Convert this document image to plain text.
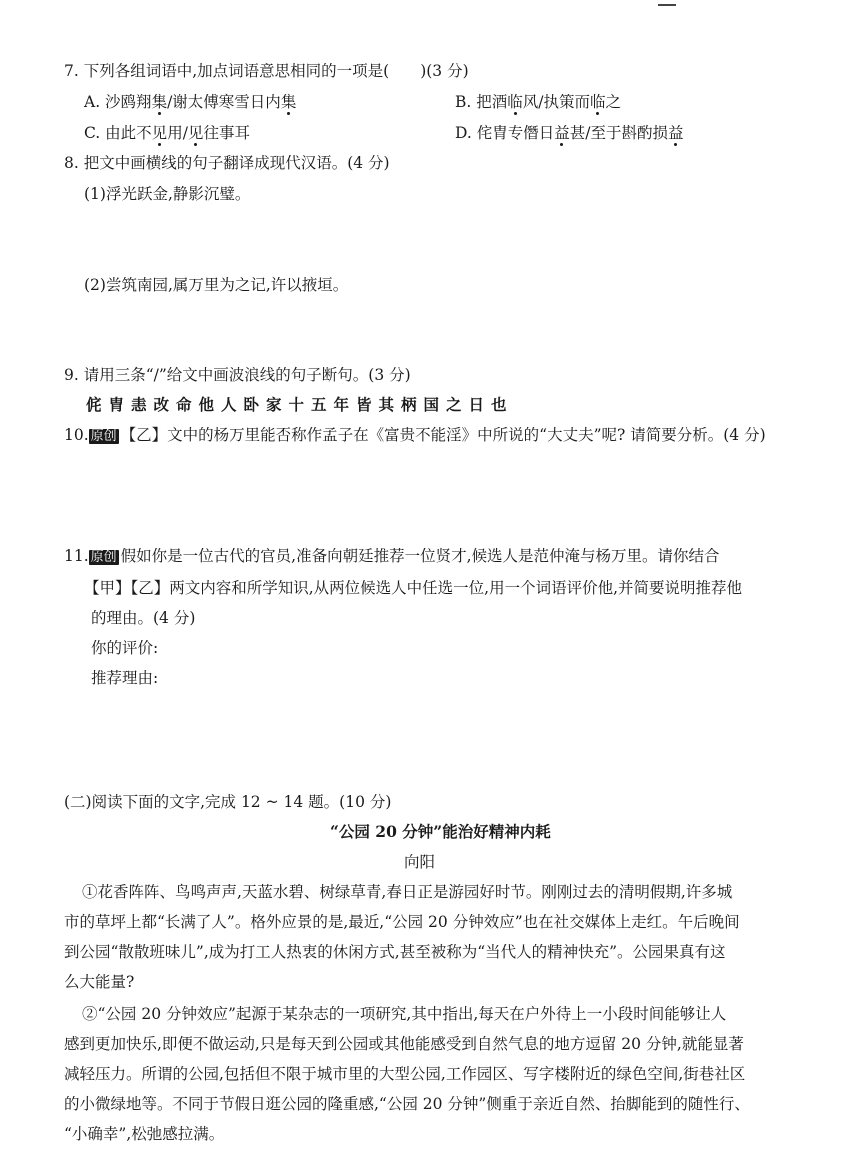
7. 下列各组词语中,加点词语意思相同的一项是(　　)(3 分)
A. 沙鸥翔集/谢太傅寒雪日内集	B. 把酒临风/执策而临之
C. 由此不见用/见往事耳	D. 侘胄专僭日益甚/至于斟酌损益
8. 把文中画横线的句子翻译成现代汉语。(4 分)
(1)浮光跃金,静影沉璧。
(2)尝筑南园,属万里为之记,许以掖垣。
9. 请用三条“/”给文中画波浪线的句子断句。(3 分)
侂胄恚改命他人卧家十五年皆其柄国之日也
10. 原创 【乙】文中的杨万里能否称作孟子在《富贵不能淫》中所说的“大丈夫”呢? 请简要分析。(4 分)
11. 原创 假如你是一位古代的官员,准备向朝廷推荐一位贤才,候选人是范仲淹与杨万里。请你结合
【甲】【乙】两文内容和所学知识,从两位候选人中任选一位,用一个词语评价他,并简要说明推荐他
的理由。(4 分)
你的评价:
推荐理由:
(二)阅读下面的文字,完成 12 ~ 14 题。(10 分)
“公园 20 分钟”能治好精神内耗
向阳
①花香阵阵、鸟鸣声声,天蓝水碧、树绿草青,春日正是游园好时节。刚刚过去的清明假期,许多城
市的草坪上都“长满了人”。格外应景的是,最近,“公园 20 分钟效应”也在社交媒体上走红。午后晚间
到公园“散散班味儿”,成为打工人热衷的休闲方式,甚至被称为“当代人的精神快充”。公园果真有这
么大能量?
②“公园 20 分钟效应”起源于某杂志的一项研究,其中指出,每天在户外待上一小段时间能够让人
感到更加快乐,即便不做运动,只是每天到公园或其他能感受到自然气息的地方逗留 20 分钟,就能显著
减轻压力。所谓的公园,包括但不限于城市里的大型公园,工作园区、写字楼附近的绿色空间,街巷社区
的小微绿地等。不同于节假日逛公园的隆重感,“公园 20 分钟”侧重于亲近自然、抬脚能到的随性行、
“小确幸”,松弛感拉满。
